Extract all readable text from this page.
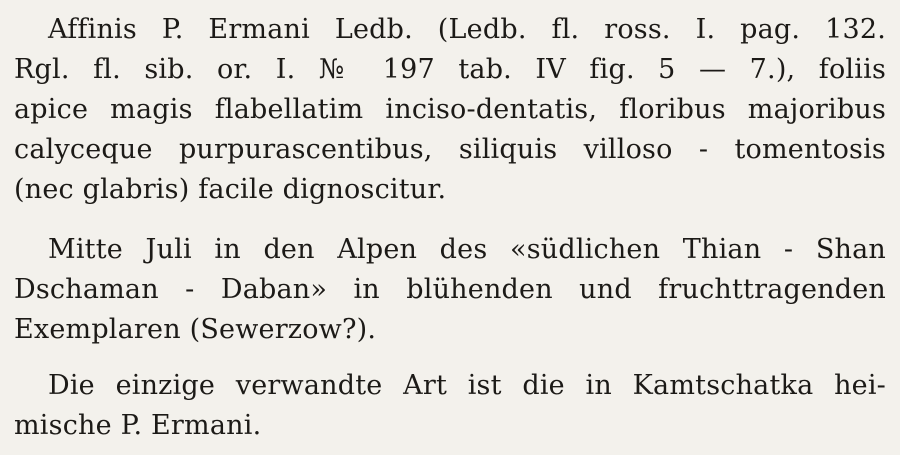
Affinis P. Ermani Ledb. (Ledb. fl. ross. I. pag. 132.
Rgl. fl. sib. or. I. № 197 tab. IV fig. 5 — 7.), foliis
apice magis flabellatim inciso-dentatis, floribus majoribus
calyceque purpurascentibus, siliquis villoso - tomentosis
(nec glabris) facile dignoscitur.
Mitte Juli in den Alpen des «südlichen Thian - Shan
Dschaman - Daban» in blühenden und fruchttragenden
Exemplaren (Sewerzow?).
Die einzige verwandte Art ist die in Kamtschatka hei-
mische P. Ermani.
